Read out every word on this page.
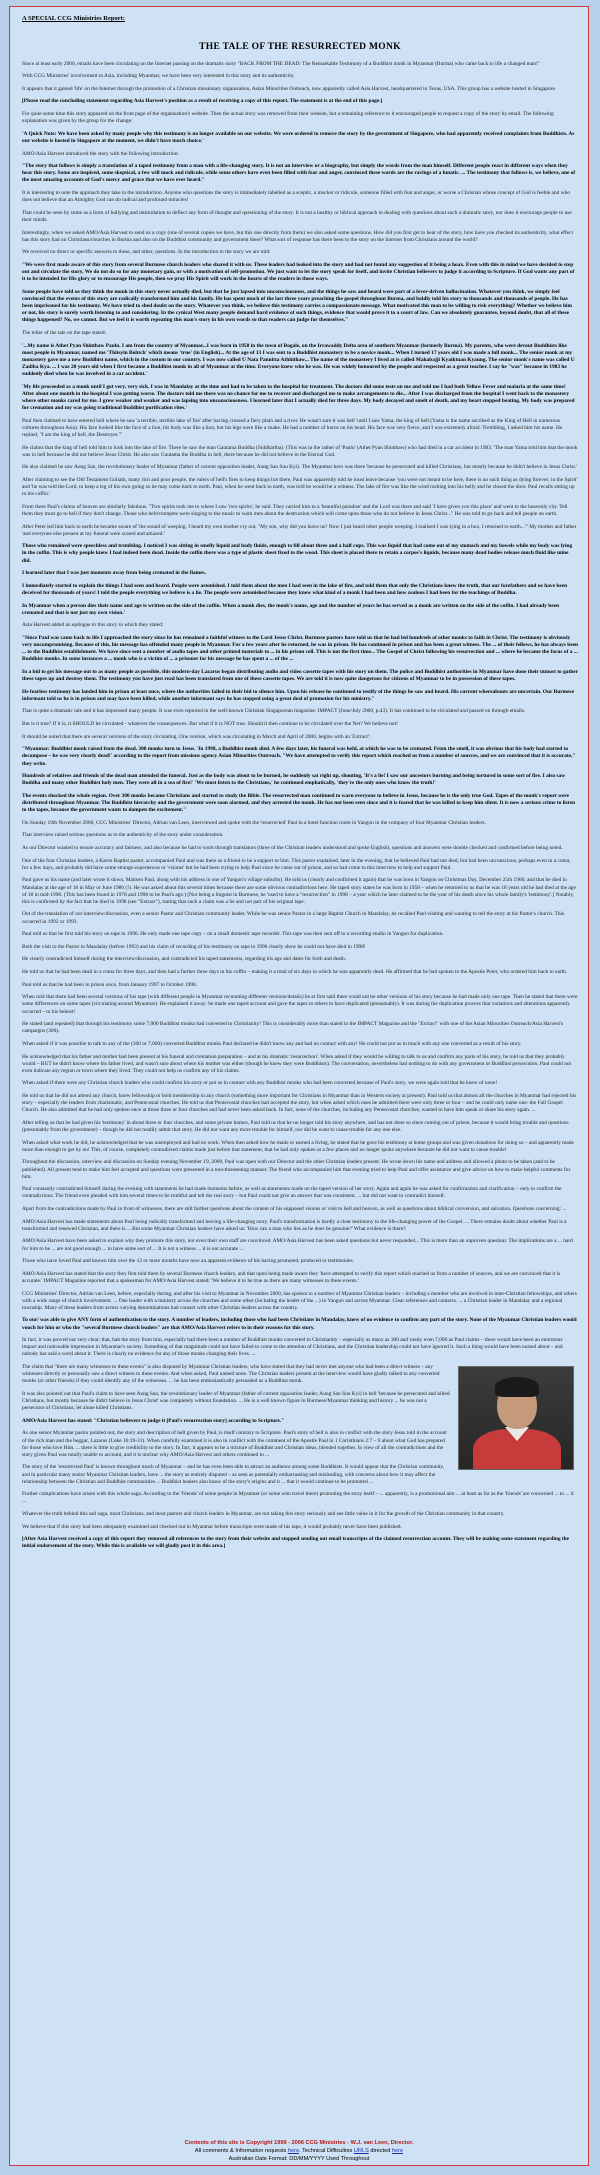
A SPECIAL CCG Ministries Report:
THE TALE OF THE RESURRECTED MONK
Since at least early 2000, emails have been circulating on the Internet passing on the dramatic story "BACK FROM THE DEAD: The Remarkable Testimony of a Buddhist monk in Myanmar (Burma) who came back to life a changed man!"
With CCG Ministries' involvement in Asia, including Myanmar, we have been very interested in this story and its authenticity.
It appears that it gained 'life' on the Internet through the promotion of a Christian missionary organisation, Asian Minorities Outreach, now apparently called Asia Harvest, headquartered in Texas, USA. This group has a website hosted in Singapore.
[Please read the concluding statement regarding Asia Harvest's position as a result of receiving a copy of this report. The statement is at the end of this page.]
For quite some time this story appeared on the front page of the organisation's website. Then the actual story was removed from their website, but a remaining reference to it encouraged people to request a copy of the story by email. The following explanation was given by the group for the change:
'A Quick Note: We have been asked by many people why this testimony is no longer available on our website. We were ordered to remove the story by the government of Singapore, who had apparently received complaints from Buddhists. As our website is hosted in Singapore at the moment, we didn't have much choice.'
AMO/Asia Harvest introduced the story with the following introduction:
"The story that follows is simply a translation of a taped testimony from a man with a life-changing story. It is not an interview or a biography, but simply the words from the man himself. Different people react in different ways when they hear this story. Some are inspired, some skeptical, a few will mock and ridicule, while some others have even been filled with fear and anger, convinced these words are the ravings of a lunatic. ... The testimony that follows is, we believe, one of the most amazing accounts of God's mercy and grace that we have ever heard."
It is interesting to note the approach they take in the introduction. Anyone who questions the story is immediately labelled as a sceptic, a mocker or ridicule, someone filled with fear and anger, or worse a Christian whose concept of God is feeble and who does not believe that an Almighty God can do radical and profound miracles!
That could be seen by some as a form of bullying and intimidation to deflect any form of thought and questioning of the story. It is not a healthy or biblical approach to dealing with questions about such a dramatic story, nor does it encourage people to use their minds.
Interestingly, when we asked AMO/Asia Harvest to send us a copy (one of several copies we have, but this one directly from them) we also asked some questions. How did you first get to hear of the story, how have you checked its authenticity, what effect has this story had on Christians/churches in Burma and also on the Buddhist community and government there? What sort of response has there been to the story on the Internet from Christians around the world?
We received no direct or specific answers to these, and other, questions. In the introduction to the story we are told:
"We were first made aware of this story from several Burmese church leaders who shared it with us. These leaders had looked into the story and had not found any suggestion of it being a hoax. Even with this in mind we have decided to step out and circulate the story. We do not do so for any monetary gain, or with a motivation of self-promotion. We just want to let the story speak for itself, and invite Christian believers to judge it according to Scripture. If God wants any part of it to be intended for His glory or to encourage His people, then we pray His Spirit will work in the hearts of the readers in those ways.
Some people have told us they think the monk in this story never actually died, but that he just lapsed into unconsciousness, and the things he saw and heard were part of a fever-driven hallucination. Whatever you think, we simply feel convinced that the events of this story are radically transformed him and his family. He has spent much of the last three years preaching the gospel throughout Burma, and boldly told his story to thousands and thousands of people. He has been imprisoned for his testimony. We have tried to shed doubt on the story. Whatever you think, we believe this testimony carries a compassionate message. What motivated this man to be willing to risk everything? Whether we believe him or not, his story is surely worth listening to and considering. In the cynical West many people demand hard evidence of such things, evidence that would prove it to a court of law. Can we absolutely guarantee, beyond doubt, that all of these things happened? No, we cannot. But we feel it is worth repeating this man's story in his own words so that readers can judge for themselves."
The teller of the tale on the tape stated:
'...My name is Athet Pyan Shinthaw Paulu. I am from the country of Myanmar...I was born in 1958 in the town of Bogale, on the Irrawaddy Delta area of southern Myanmar (formerly Burma). My parents, who were devout Buddhists like most people in Myanmar, named me 'Thitsyin Bohtch' which means 'true' (in English)... At the age of 13 I was sent to a Buddhist monastery to be a novice monk... When I turned 17 years old I was made a full monk... The senior monk at my monastery gave me a new Buddhist name, which in the custom in our country. I was now called U Nata Pannitta Athhithaw... The name of the monastery I lived at is called Mahabajji Kyaiktuan Kyaung. The senior monk's name was called U Zadiba Kya. ... I was 20 years old when I first became a Buddhist monk in all of Myanmar at the time. Everyone knew who he was. He was widely honoured by the people and respected as a great teacher. I say he "was" because in 1983 he suddenly died when he was involved in a car accident.'
'My life proceeded as a monk until I got very, very sick. I was in Mandalay at the time and had to be taken to the hospital for treatment. The doctors did some tests on me and told me I had both Yellow Fever and malaria at the same time! After about one month in the hospital I was getting worse. The doctors told me there was no chance for me to recover and discharged me to make arrangements to die... After I was discharged from the hospital I went back to the monastery where other monks cared for me. I grew weaker and weaker and was lapsing into unconsciousness. I learned later that I actually died for three days. My body decayed and smelt of death, and my heart stopped beating. My body was prepared for cremation and my was going traditional Buddhist purification rites.'
Paul then claimed to have entered hell where he saw 'a terrible, terrible lake of fire' after having crossed a fiery plain and a river. He wasn't sure it was hell 'until I saw Yama, the king of hell (Yama is the name ascribed as the King of Hell in numerous cultures throughout Asia). His face looked like the face of a lion, his body was like a lion, but his legs were like a snake. He had a number of horns on his head. His face was very fierce, and I was extremely afraid. Trembling, I asked him his name. He replied, "I am the king of hell, the Destroyer."'
He claims that the king of hell told him to look into the lake of fire. There he saw the man Gautama Buddha (Siddhartha). (This was in the rather of 'Paulu' (Athet Pyan Shinthaw) who had died in a car accident in 1983. 'The man Yama told him that the monk was in hell because he did not believe Jesus Christ. He also saw Gautama the Buddha in hell, there because he did not believe in the Eternal God.
He also claimed he saw Aung San, the revolutionary leader of Myanmar (father of current opposition leader, Aung San Suu Kyi). The Myanmar hero was there 'because he persecuted and killed Christians, but mostly because he didn't believe in Jesus Christ.'
After claiming to see the Old Testament Goliath, many rich and poor people, the rulers of hell's fires to keep things hot there, Paul was apparently told he must leave because 'you were not meant to be here, there is no such thing as dying forever; in the Spirit' and 'he was told the Lord, to keep a leg of his own going so he may come back to earth. Paul, when he went back to earth, was told he would be a witness. The lake of fire was like the wind rushing into his belly and he closed the door. Paul recalls sitting up in his coffin.'
From there Paul's claims of heaven are similarly fabulous. "Two spirits took me to where I saw 'two spirits', he said. They carried him to a 'beautiful paradise' and the Lord was there and said 'I have given you this place' and went to the heavenly city. Tell them they must go to hell if they don't change. Those who held trumpets were singing to the music to warn men about the destruction which will come upon those who do not believe in Jesus Christ..." He was told to go back and tell people on earth.
After Peter led him back to earth he became aware of 'the sound of weeping. I heard my own mother cry out, "My son, why did you leave us? Now I just heard other people weeping. I realised I was lying in a box, I returned to earth..."' My mother and father 'and everyone else present at my funeral were scared and amazed.'
Those who remained were speechless and trembling. I noticed I was sitting in smelly liquid and body fluids, enough to fill about three and a half cups. This was liquid that had come out of my stomach and my bowels while my body was lying in the coffin. This is why people knew I had indeed been dead. Inside the coffin there was a type of plastic sheet fixed to the wood. This sheet is placed there to retain a corpse's liquids, because many dead bodies release much fluid like mine did.
I learned later that I was just moments away from being cremated in the flames.
I immediately started to explain the things I had seen and heard. People were astonished. I told them about the men I had seen in the lake of fire, and told them that only the Christians knew the truth, that our forefathers and us have been deceived for thousands of years! I told the people everything we believe is a lie. The people were astonished because they knew what kind of a monk I had been and how zealous I had been for the teachings of Buddha.
In Myanmar when a person dies their name and age is written on the side of the coffin. When a monk dies, the monk's name, age and the number of years he has served as a monk are written on the side of the coffin. I had already been cremated and that is not just my own vision.'
Asia Harvest added an epilogue to this story in which they stated:
"Since Paul was came back to life I approached the story since he has remained a faithful witness to the Lord Jesus Christ. Burmese pastors have told us that he had led hundreds of other monks to faith in Christ. The testimony is obviously very uncompromising. Because of this, his message has offended many people in Myanmar. For a few years after he returned, he was in prison. He has continued in prison and has been a great witness. The ... of their fellows, he has always been ... to the Buddhist establishment. We have since sent a number of audio tapes and other printed materials to ... in his prison cell. This is not the first time... The Gospel of Christ following his resurrection and ... where he became the focus of a ... Buddhist monks. In some instances a ... monk who is a victim of ... a prisoner for his message he has spent a ... of the ...
In a bid to get his message out to as many people as possible, this modern-day Lazarus began distributing audio and video cassette tapes with his story on them. The police and Buddhist authorities in Myanmar have done their utmost to gather these tapes up and destroy them. The testimony you have just read has been translated from one of these cassette tapes. We are told it is now quite dangerous for citizens of Myanmar to be in possession of these tapes.
He fearless testimony has landed him in prison at least once, where the authorities failed in their bid to silence him. Upon his release he continued to testify of the things he saw and heard. His current whereabouts are uncertain. Our Burmese informant told us he is in prison and may have been killed, while another informant says he has stopped using a great deal of promotion for his ministry."
That is quite a dramatic tale and it has impressed many people. It was even reported in the well-known Christian Singaporean magazine: IMPACT (June/July 2000, p.43). It has continued to be circulated and passed on through emails.
But is it true? If it is, it SHOULD be circulated - whatever the consequences. But what if it is NOT true. Should it then continue to be circulated over the Net? We believe not!
It should be noted that there are several versions of the story circulating. One version, which was circulating in March and April of 2000, begins with an 'Extract':
"Myanmar: Buddhist monk raised from the dead. 300 monks turn to Jesus. 'In 1998, a Buddhist monk died. A few days later, his funeral was held, at which he was to be cremated. From the smell, it was obvious that his body had started to decompose – he was very clearly dead!' according to the report from missions agency Asian Minorities Outreach. "We have attempted to verify this report which reached us from a number of sources, and we are convinced that it is accurate," they write.
Hundreds of relatives and friends of the dead man attended the funeral. Just as the body was about to be burned, he suddenly sat right up, shouting, 'It's a lie! I saw our ancestors burning and being tortured in some sort of fire. I also saw Buddha and many other Buddhist holy men. They were all in a sea of fire!' 'We must listen to the Christians,' he continued emphatically, 'they're the only ones who know the truth!'
The events shocked the whole region. Over 300 monks became Christians and started to study the Bible. The resurrected man continued to warn everyone to believe in Jesus, because he is the only true God. Tapes of the monk's report were distributed throughout Myanmar. The Buddhist hierarchy and the government were soon alarmed, and they arrested the monk. He has not been seen since and it is feared that he was killed to keep him silent. It is now a serious crime to listen to the tapes, because the government wants to dampen the excitement."
On Sunday 19th November 2000, CCG Ministries' Director, Adrian van Leen, interviewed and spoke with the 'resurrected' Paul in a hotel function room in Yangon in the company of four Myanmar Christian leaders.
That interview raised serious questions as to the authenticity of the story under consideration.
As our Director wanted to ensure accuracy and fairness, and also because he had to work through translators (three of the Christian leaders understood and spoke English), questions and answers were double checked and confirmed before being noted.
One of the four Christian leaders, a Karen Baptist pastor, accompanied Paul and was there as a friend to be a support to him. This pastor explained, later in the evening, that he believed Paul had not died, but had been unconscious, perhaps even in a coma, for a few days, and probably did have some strange experiences or 'visions' but he had been trying to help Paul since he came out of prison, and so had come to this interview to help and support Paul.
Paul gave us his name (and later wrote it down, Maitsen Paul, along with his address in one of Yangon's village suburbs). He told us (clearly and confirmed it again) that he was born in Yangon on Christmas Day, December 25th 1960, and that he died in Mandalay at the age of 18 in May or June 1980 (!). He was asked about this several times because there are some obvious contradictions here. He taped story states he was born in 1958 – when he returned to us that he was 18 years old he had died at the age of 18 in mid-1998. (This has been found in 1978 and 1998 to be Paul's age.) [Not being a linguist in Burmese, he 'used to have a "resurrection" in 1998 – a year which he later claimed to be the year of his death since his whole family's 'testimony'.] Notably, this is confirmed by the fact that he died in 1998 (see "Extract"), stating that such a claim was a lie and not part of his original tape.
Out of the translation of our interview/discussion, even a senior Pastor and Christian community leader. While he was senior Pastor in a large Baptist Church in Mandalay, he recalled Paul visiting and wanting to tell the story at his Pastor's church. This occurred in 1992 or 1993.
Paul told us that he first told his story on tape in 1996. He only made one tape copy – on a small domestic tape recorder. This tape was then sent off to a recording studio in Yangon for duplication.
Both the visit to the Pastor in Mandalay (before 1993) and his claim of recording of his testimony on tape in 1996 clearly show he could not have died in 1998!
He clearly contradicted himself during the interview/discussion, and contradicted his taped statements, regarding his age and dates for birth and death.
He told us that he had been dead in a coma for three days, and then had a further three days in his coffin – making it a total of six days in which he was apparently dead. He affirmed that he had spoken to the Apostle Peter, who ordered him back to earth.
Paul told us that he had been in prison once, from January 1997 to October 1998.
When told that there had been several versions of his tape (with different people in Myanmar recounting different versions/details) he at first said there could not be other versions of his story because he had made only one tape. Then he stated that there were some differences on some tapes (circulating around Myanmar). He explained it away: he made one taped account and gave the tapes to others to have duplicated (presumably). It was during the duplication process that variations and alterations apparently occurred – to his behest!
He stated (and repeated) that through his testimony some 7,000 Buddhist monks had converted to Christianity! This is considerably more than stated in the IMPACT Magazine and the "Extract" with one of the Asian Minorities Outreach/Asia Harvest's campaigns (300).
When asked if it was possible to talk to any of the (300 or 7,000) converted Buddhist monks Paul declared he didn't know any and had no contact with any! He could not put us in touch with any one converted as a result of his story.
He acknowledged that his father and mother had been present at his funeral and cremation preparation – and at his dramatic 'resurrection'. When asked if they would be willing to talk to us and confirm any parts of his story, he told us that they probably would – BUT he didn't know where his father lived, and wasn't sure about where his mother was either (though he knew they were Buddhists). The conversation, nevertheless had nothing to do with any government or Buddhist persecution. Paul could not even indicate any region or town where they lived. They could not help us confirm any of his claims.
When asked if there were any Christian church leaders who could confirm his story or put us in contact with any Buddhist monks who had been converted because of Paul's story, we were again told that he knew of none!
He told us that he did not attend any church, knew fellowship or hold membership in any church (something more important for Christians in Myanmar than in Western society at present). Paul told us that almost all the churches in Myanmar had rejected his story – especially the leaders from charismatic, and Pentecostal churches. He told us that Pentecostal churches had accepted the story, but when asked which ones he admitted there were only three or four – and he could only name one: the Full Gospel Church. He also admitted that he had only spoken once at those three or four churches and had never been asked back. In fact, none of the churches, including any Pentecostal churches, wanted to have him speak or share his story again. ...
After telling us that he had given his 'testimony' in about three or four churches, and some private homes, Paul told us that he no longer told his story anywhere, and has not done so since coming out of prison, because it would bring trouble and questions (presumably from the government) – though he did not readily admit that story. He did not want any more trouble for himself, nor did he want to cause trouble for any one else.
When asked what work he did, he acknowledged that he was unemployed and had no work. When then asked how he made or earned a living, he stated that he gave his testimony at home groups and was given donations for doing so – and apparently made more than enough to get by on! This, of course, completely contradicted claims made just before that statement, that he had only spoken at a few places and no longer spoke anywhere because he did not want to cause trouble!
Throughout the discussion, interview and discussion on Sunday evening November 19, 2000, Paul was open with our Director and the other Christian leaders present. He wrote down his name and address and allowed a photo to be taken (and to be published). All present tend to make him feel accepted and questions were presented in a non-threatening manner. The friend who accompanied him that evening tried to help Paul and offer assistance and give advice on how to make helpful comments for him.
Paul constantly contradicted himself during the evening with statements he had made moments before, as well as statements made on the taped version of her story. Again and again he was asked for confirmation and clarification – only to confirm the contradictions. The friend even pleaded with him several times to be truthful and tell the real story – but Paul could not give an answer that was consistent. ... but did not want to contradict himself.
Apart from the contradictions made by Paul in front of witnesses, there are still further questions about the content of his supposed visions or visit to hell and heaven, as well as questions about biblical conversion, and salvation. Questions concerning: ...
AMO/Asia Harvest has made statements about Paul being radically transformed and leaving a life-changing story. Paul's transformation is hardly a clear testimony to the life-changing power of the Gospel. ... There remains doubt about whether Paul is a transformed and renewed Christian, and there is ... But some Myanmar Christian leaders have asked us: 'How can a man who lies as he does be genuine?' What evidence is there?
AMO/Asia Harvest have been asked to explain why they promote this story, not even their own staff are convinced. AMO/Asia Harvest has been asked questions but never responded... This is more than an unproven question: The implications are a ... hard for him to be ... are not good enough ... to have some sort of ... It is not a witness ... it is not accurate ...
Those who have loved Paul and known him over the 12 or more months have now an apparent evidence of his having promoted, produced or testimonies.
AMO/Asia Harvest has stated that the story they first told them by several Burmese church leaders, and that upon being made aware they 'have attempted to verify this report which reached us from a number of sources, and we are convinced that it is accurate.' IMPACT Magazine reported that a spokesman for AMO/Asia Harvest stated: 'We believe it to be true as there are many witnesses to these events.'
CCG Ministries' Director, Adrian van Leen, before, especially during, and after his visit to Myanmar in November 2000, has spoken to a number of Myanmar Christian leaders – including a member who are involved in inter-Christian fellowships, and others with a wide range of church involvement. ... One leader with a ministry across the churches and some other (including the leader of the ...) in Yangon and across Myanmar. Clear references and contacts. ... a Christian leader in Mandalay and a regional township. Many of these leaders from across varying denominations had contact with other Christian leaders across the country.
To our/ was able to give ANY form of authentication to the story. A number of leaders, including those who had been Christians in Mandalay, knew of no evidence to confirm any part of the story. None of the Myanmar Christian leaders would vouch for him or who the "several Burmese church leaders" are that AMO/Asia Harvest refers to in their reasons for this story.
In fact, it was proved not very clear; that, bah the story from him, especially had there been a number of Buddhist monks converted to Christianity – especially as many as 300 and vastly even 7,000 as Paul claims – there would have been an enormous impact and noticeable impression in Myanmar's society. Something of that magnitude could not have failed to come to the attention of Christians, and the Christian leadership could not have ignored it. Such a thing would have been noised about – and nobody has said a word about it. There is clearly no evidence for any of those monks changing their lives. ...
The claim that "there are many witnesses to these events" is also disputed by Myanmar Christian leaders, who have stated that they had never met anyone who had been a direct witness – any witnesses directly or personally saw a direct witness to these events. And when asked, Paul named none. The Christian leaders present at the interview would have gladly talked to any converted monks (or other friends) if they could identify any of the witnesses. ... he has been enthusiastically persuaded as a Buddhist monk.
It was also pointed out that Paul's claim to have seen Aung San, the revolutionary leader of Myanmar (father of current opposition leader, Aung San Suu Kyi) in hell 'because he persecuted and killed Christians, but mostly because he didn't believe in Jesus Christ' was completely without foundation. ... He is a well known figure in Burmese/Myanmar thinking and history ... he was not a persecutor of Christians, let alone killed Christians.
AMO/Asia Harvest has stated: "Christian believers to judge it [Paul's resurrection story] according to Scripture."
As one senior Myanmar pastor pointed out, the story and description of hell given by Paul, is itself contrary to Scripture. Paul's story of hell is also in conflict with the story Jesus told in the account of the rich man and the beggar, Lazarus (Luke 16:19-31). When carefully examined it is also in conflict with the comment of the Apostle Paul in 1 Corinthians 2:7 – 9 about what God has prepared for those who love Him. ... there is little to give credibility to the story. In fact, it appears to be a mixture of Buddhist and Christian ideas, blended together. In view of all the contradictions and the story given Paul was totally unable to account, and it is unclear why AMO/Asia Harvest and others continued to ...
The story of the 'resurrected Paul' is known throughout much of Myanmar – and he has even been able to attract an audience among some Buddhists. It would appear that the Christian community, and in particular many senior Myanmar Christian leaders, have ... the story as entirely disputed – as seen as potentially embarrassing and misleading, with concerns about how it may affect the relationship between the Christian and Buddhist communities ... Buddhist leaders also know of the story's origins and it ... that it would continue to be promoted ...
Further complications have arisen with this whole saga. According to the 'friends' of some people in Myanmar (or some who travel there) promoting the story itself – ... apparently, is a promotional aim ... at least as far as the 'friends' are concerned ... to ... it ...
Whatever the truth behind this sad saga, most Christians, and most pastors and church leaders in Myanmar, are not taking this story seriously and see little value in it for the growth of the Christian community in that country.
We believe that if this story had been adequately examined and checked out in Myanmar before transcripts were made of his tape, it would probably never have been published.
[After Asia Harvest received a copy of this report they removed all references to the story from their website and stopped sending out email transcripts of the claimed resurrection account. They will be making some statement regarding the initial endorsement of the story. While this is available we will gladly post it in this area.]
Contents of this site is Copyright 1999 - 2006 CCG Ministries - W.J. van Leen, Director.
All comments & Information requests here. Technical Difficulties URLS directed here
Australian Date Format: DD/MM/YYYY Used Throughout
